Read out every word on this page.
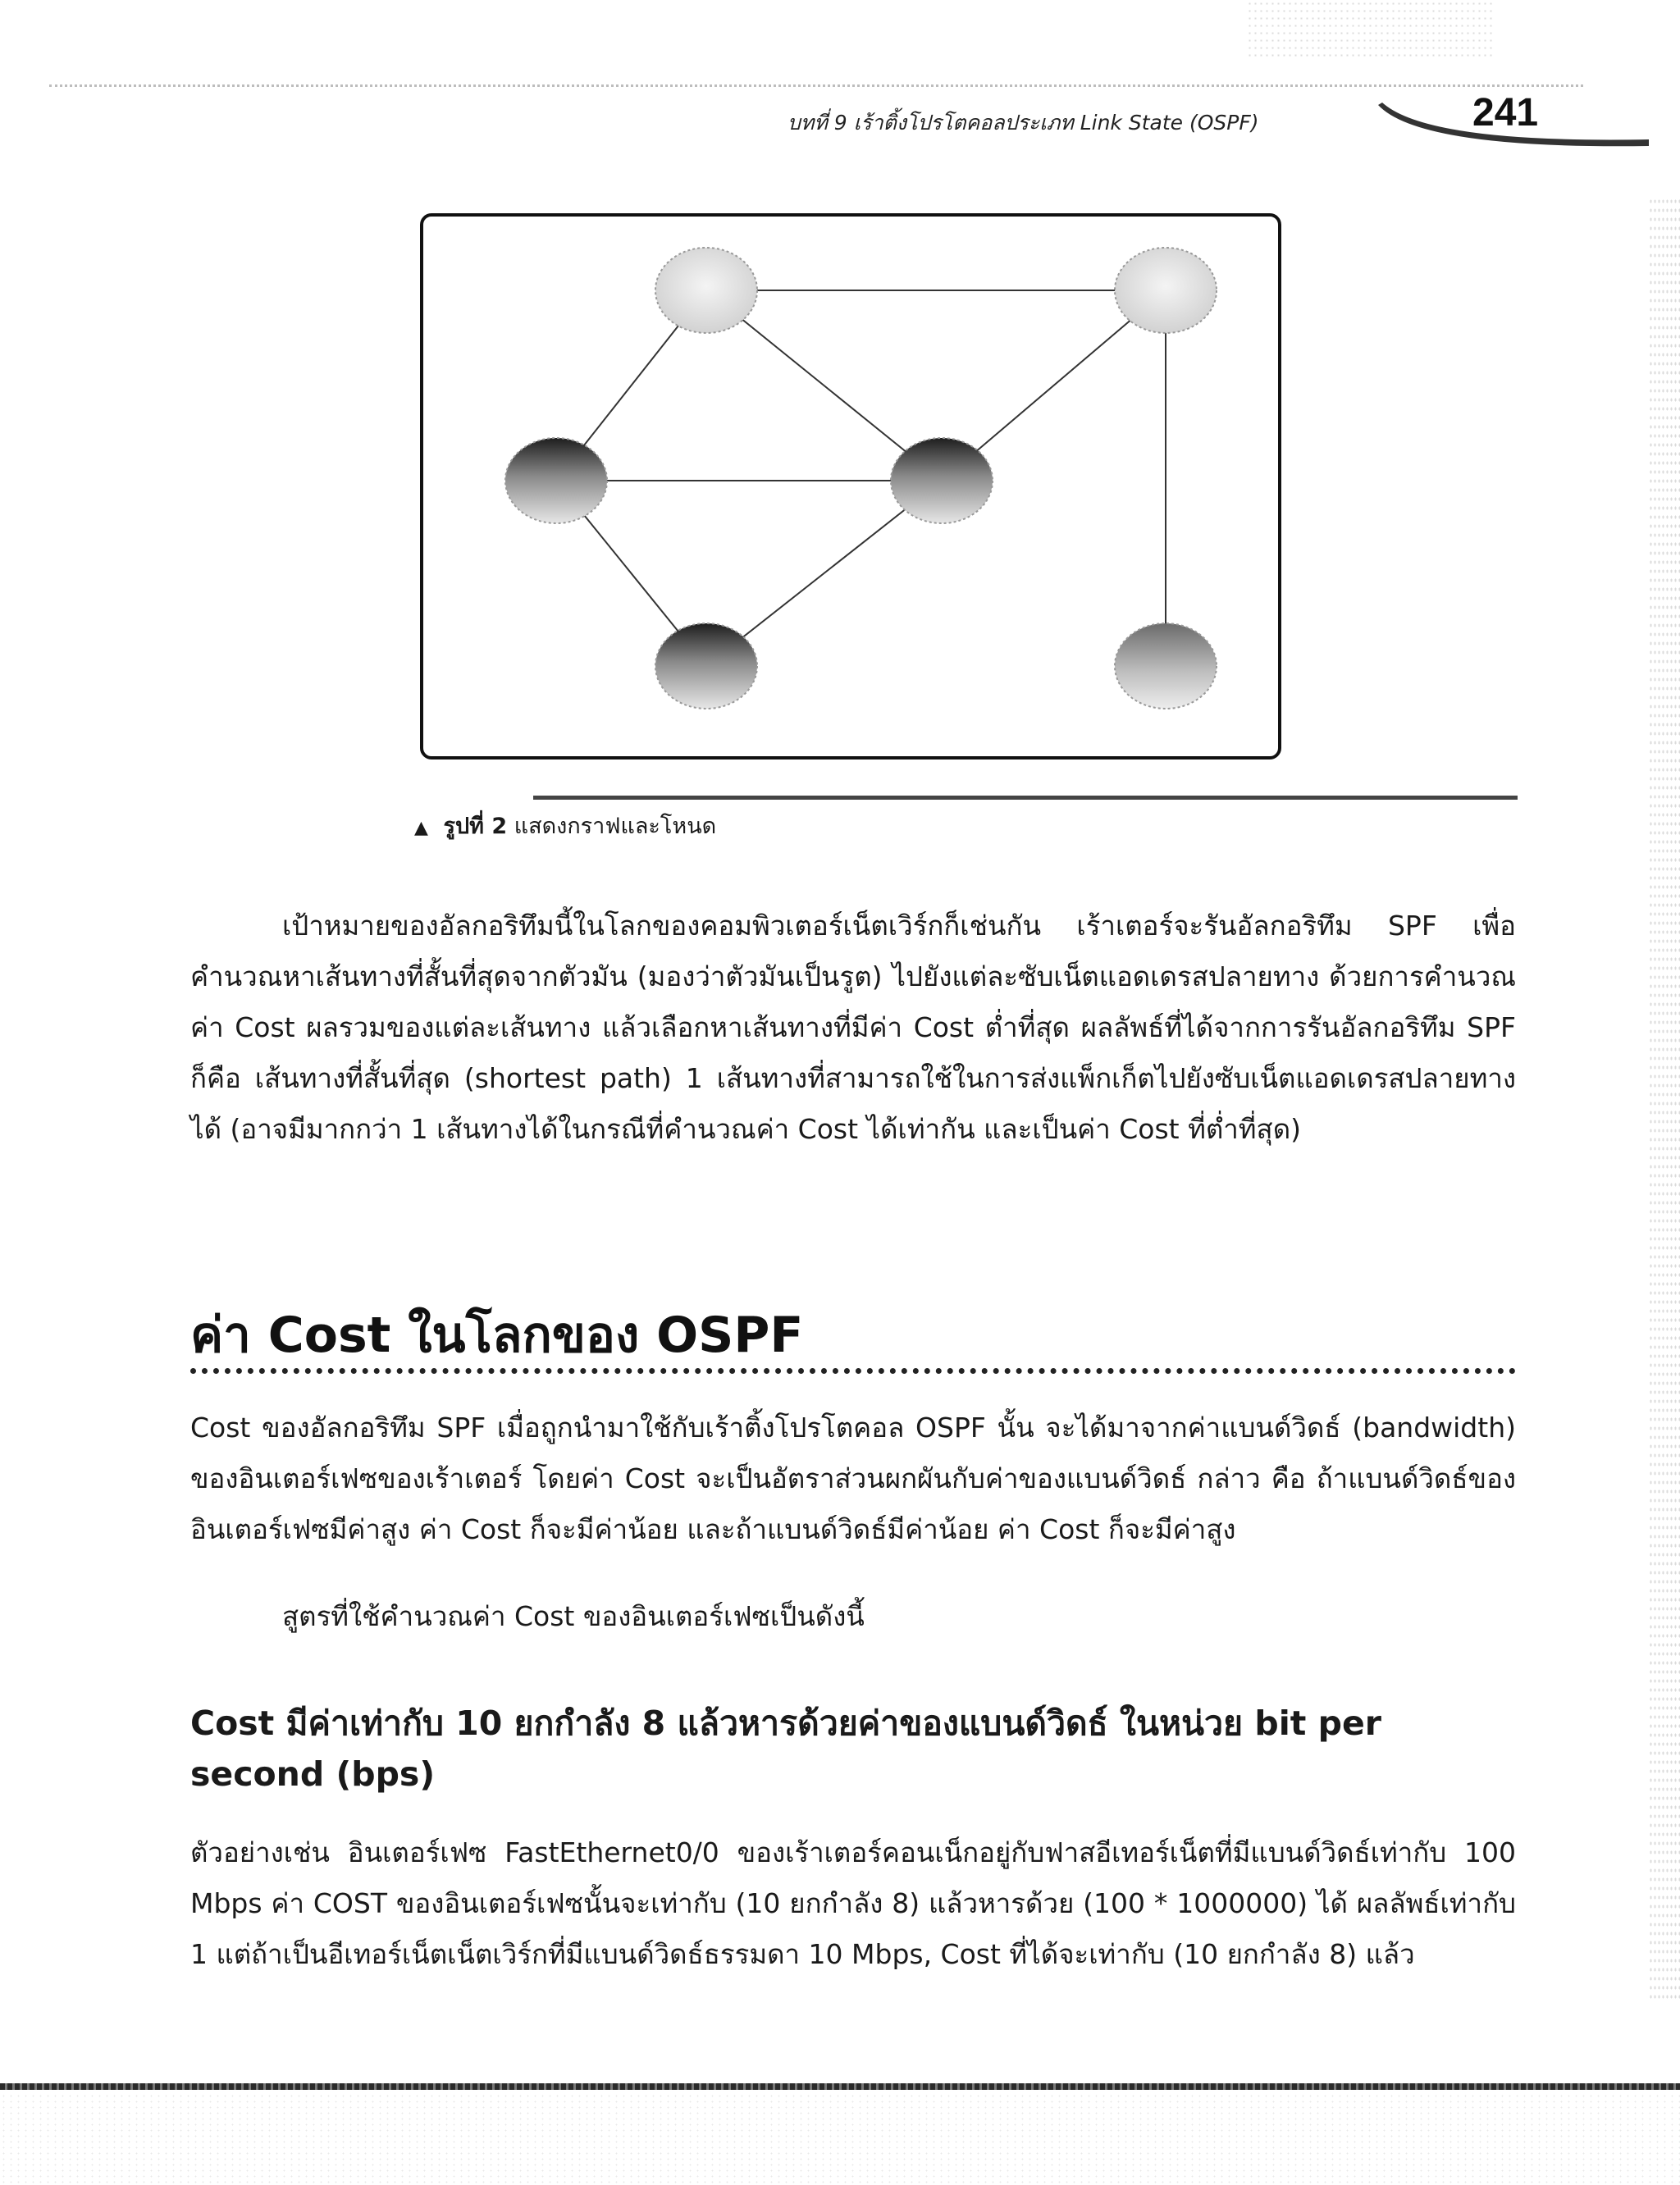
บทที่ 9 เร้าติ้งโปรโตคอลประเภท Link State (OSPF)	241
▲ รูปที่ 2 แสดงกราฟและโหนด

เป้าหมายของอัลกอริทึมนี้ในโลกของคอมพิวเตอร์เน็ตเวิร์กก็เช่นกัน เร้าเตอร์จะรันอัลกอริทึม SPF เพื่อคำนวณหาเส้นทางที่สั้นที่สุดจากตัวมัน (มองว่าตัวมันเป็นรูต) ไปยังแต่ละซับเน็ตแอดเดรสปลายทาง ด้วยการคำนวณค่า Cost ผลรวมของแต่ละเส้นทาง แล้วเลือกหาเส้นทางที่มีค่า Cost ต่ำที่สุด ผลลัพธ์ที่ได้จากการรันอัลกอริทึม SPF ก็คือ เส้นทางที่สั้นที่สุด (shortest path) 1 เส้นทางที่สามารถใช้ในการส่งแพ็กเก็ตไปยังซับเน็ตแอดเดรสปลายทางได้ (อาจมีมากกว่า 1 เส้นทางได้ในกรณีที่คำนวณค่า Cost ได้เท่ากัน และเป็นค่า Cost ที่ต่ำที่สุด)

ค่า Cost ในโลกของ OSPF

Cost ของอัลกอริทึม SPF เมื่อถูกนำมาใช้กับเร้าติ้งโปรโตคอล OSPF นั้น จะได้มาจากค่าแบนด์วิดธ์ (bandwidth) ของอินเตอร์เฟซของเร้าเตอร์ โดยค่า Cost จะเป็นอัตราส่วนผกผันกับค่าของแบนด์วิดธ์ กล่าว คือ ถ้าแบนด์วิดธ์ของอินเตอร์เฟซมีค่าสูง ค่า Cost ก็จะมีค่าน้อย และถ้าแบนด์วิดธ์มีค่าน้อย ค่า Cost ก็จะมีค่าสูง

สูตรที่ใช้คำนวณค่า Cost ของอินเตอร์เฟซเป็นดังนี้

Cost มีค่าเท่ากับ 10 ยกกำลัง 8 แล้วหารด้วยค่าของแบนด์วิดธ์ ในหน่วย bit per second (bps)

ตัวอย่างเช่น อินเตอร์เฟซ FastEthernet0/0 ของเร้าเตอร์คอนเน็กอยู่กับฟาสอีเทอร์เน็ตที่มีแบนด์วิดธ์เท่ากับ 100 Mbps ค่า COST ของอินเตอร์เฟซนั้นจะเท่ากับ (10 ยกกำลัง 8) แล้วหารด้วย (100 * 1000000) ได้ ผลลัพธ์เท่ากับ 1 แต่ถ้าเป็นอีเทอร์เน็ตเน็ตเวิร์กที่มีแบนด์วิดธ์ธรรมดา 10 Mbps, Cost ที่ได้จะเท่ากับ (10 ยกกำลัง 8) แล้ว
